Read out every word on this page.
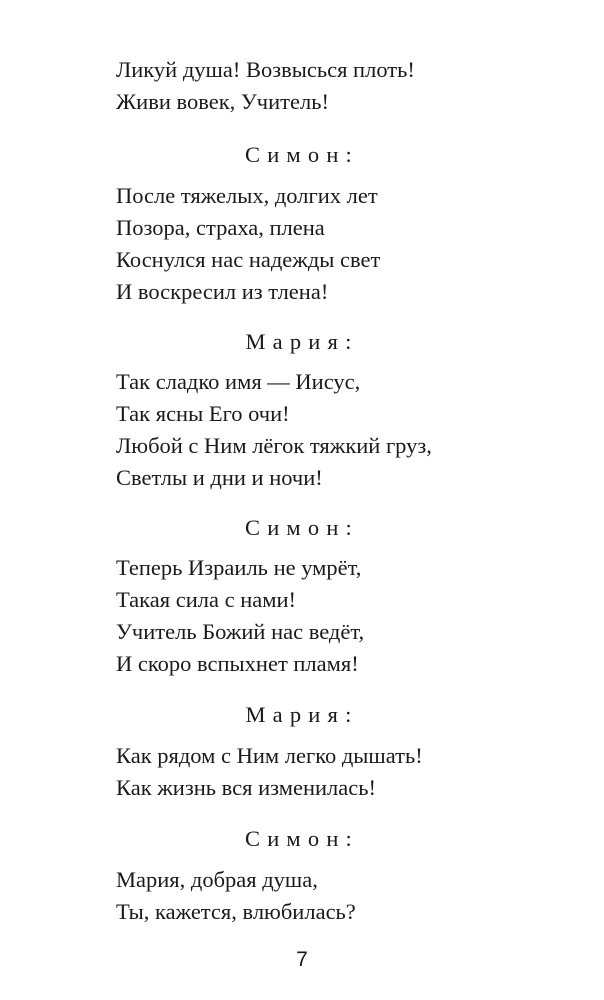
Ликуй душа! Возвысься плоть!
Живи вовек, Учитель!
Симон:
После тяжелых, долгих лет
Позора, страха, плена
Коснулся нас надежды свет
И воскресил из тлена!
Мария:
Так сладко имя — Иисус,
Так ясны Его очи!
Любой с Ним лёгок тяжкий груз,
Светлы и дни и ночи!
Симон:
Теперь Израиль не умрёт,
Такая сила с нами!
Учитель Божий нас ведёт,
И скоро вспыхнет пламя!
Мария:
Как рядом с Ним легко дышать!
Как жизнь вся изменилась!
Симон:
Мария, добрая душа,
Ты, кажется, влюбилась?
7
